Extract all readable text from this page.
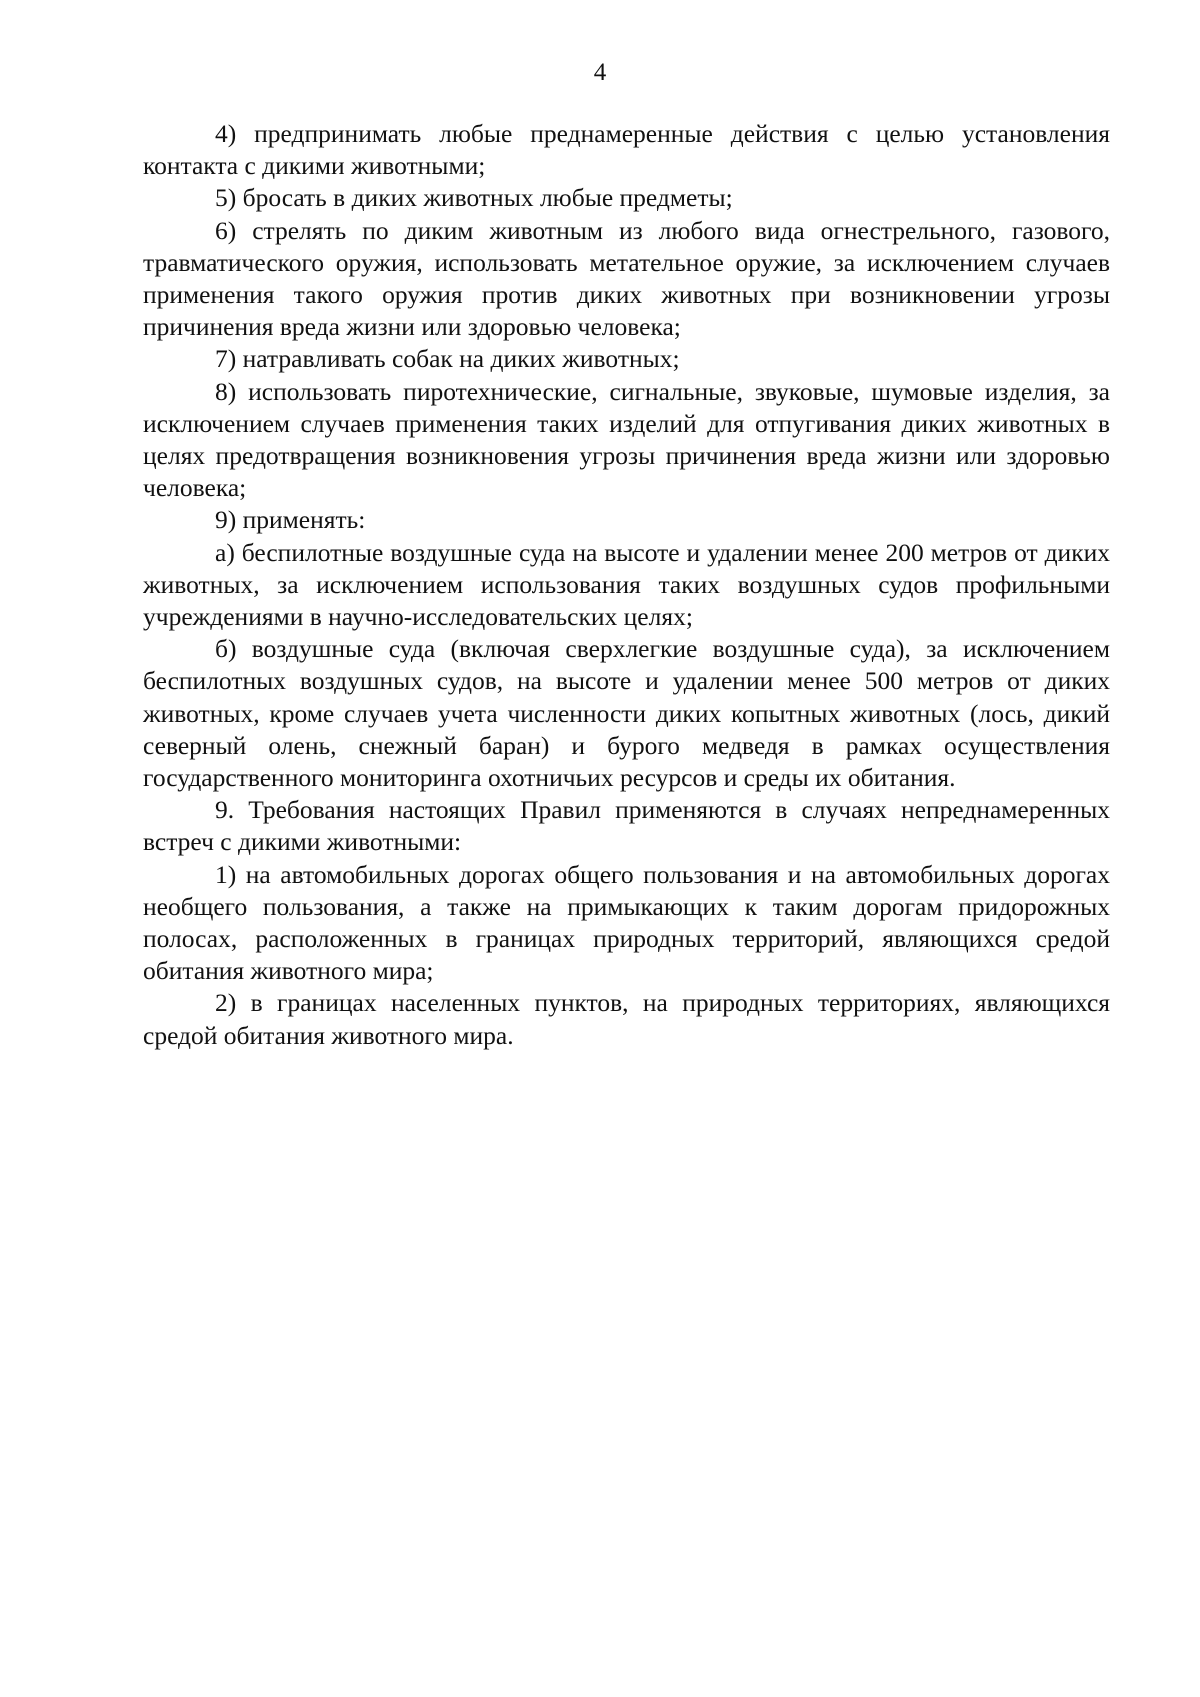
4

4) предпринимать любые преднамеренные действия с целью установления контакта с дикими животными;

5) бросать в диких животных любые предметы;

6) стрелять по диким животным из любого вида огнестрельного, газового, травматического оружия, использовать метательное оружие, за исключением случаев применения такого оружия против диких животных при возникновении угрозы причинения вреда жизни или здоровью человека;

7) натравливать собак на диких животных;

8) использовать пиротехнические, сигнальные, звуковые, шумовые изделия, за исключением случаев применения таких изделий для отпугивания диких животных в целях предотвращения возникновения угрозы причинения вреда жизни или здоровью человека;

9) применять:

а) беспилотные воздушные суда на высоте и удалении менее 200 метров от диких животных, за исключением использования таких воздушных судов профильными учреждениями в научно-исследовательских целях;

б) воздушные суда (включая сверхлегкие воздушные суда), за исключением беспилотных воздушных судов, на высоте и удалении менее 500 метров от диких животных, кроме случаев учета численности диких копытных животных (лось, дикий северный олень, снежный баран) и бурого медведя в рамках осуществления государственного мониторинга охотничьих ресурсов и среды их обитания.

9. Требования настоящих Правил применяются в случаях непреднамеренных встреч с дикими животными:

1) на автомобильных дорогах общего пользования и на автомобильных дорогах необщего пользования, а также на примыкающих к таким дорогам придорожных полосах, расположенных в границах природных территорий, являющихся средой обитания животного мира;

2) в границах населенных пунктов, на природных территориях, являющихся средой обитания животного мира.
